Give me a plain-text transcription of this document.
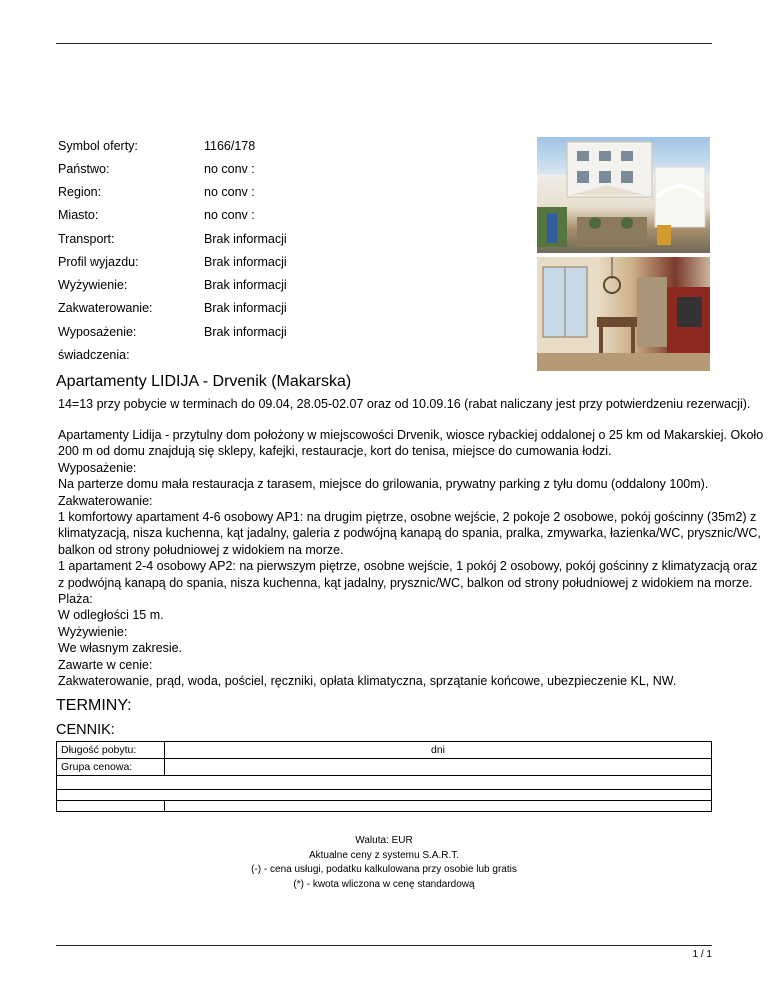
Symbol oferty:	1166/178
Państwo:	no conv :
Region:	no conv :
Miasto:	no conv :
Transport:	Brak informacji
Profil wyjazdu:	Brak informacji
Wyżywienie:	Brak informacji
Zakwaterowanie:	Brak informacji
Wyposażenie:	Brak informacji
świadczenia:
Apartamenty LIDIJA - Drvenik (Makarska)
14=13 przy pobycie w terminach do 09.04, 28.05-02.07 oraz od 10.09.16 (rabat naliczany jest przy potwierdzeniu rezerwacji).
TERMINY:
CENNIK:
Długość pobytu:	dni
Grupa cenowa:	

Waluta: EUR
Aktualne ceny z systemu S.A.R.T.
(-) - cena usługi, podatku kalkulowana przy osobie lub gratis
(*) - kwota wliczona w cenę standardową
1 / 1
Apartamenty Lidija - przytulny dom położony w miejscowości Drvenik, wiosce rybackiej oddalonej o 25 km od Makarskiej. Około
200 m od domu znajdują się sklepy, kafejki, restauracje, kort do tenisa, miejsce do cumowania łodzi.
Wyposażenie:
Na parterze domu mała restauracja z tarasem, miejsce do grilowania, prywatny parking z tyłu domu (oddalony 100m).
Zakwaterowanie:
1 komfortowy apartament 4-6 osobowy AP1: na drugim piętrze, osobne wejście, 2 pokoje 2 osobowe, pokój gościnny (35m2) z
klimatyzacją, nisza kuchenna, kąt jadalny, galeria z podwójną kanapą do spania, pralka, zmywarka, łazienka/WC, prysznic/WC,
balkon od strony południowej z widokiem na morze.
1 apartament 2-4 osobowy AP2: na pierwszym piętrze, osobne wejście, 1 pokój 2 osobowy, pokój gościnny z klimatyzacją oraz
z podwójną kanapą do spania, nisza kuchenna, kąt jadalny, prysznic/WC, balkon od strony południowej z widokiem na morze.
Plaża:
W odległości 15 m.
Wyżywienie:
We własnym zakresie.
Zawarte w cenie:
Zakwaterowanie, prąd, woda, pościel, ręczniki, opłata klimatyczna, sprzątanie końcowe, ubezpieczenie KL, NW.
